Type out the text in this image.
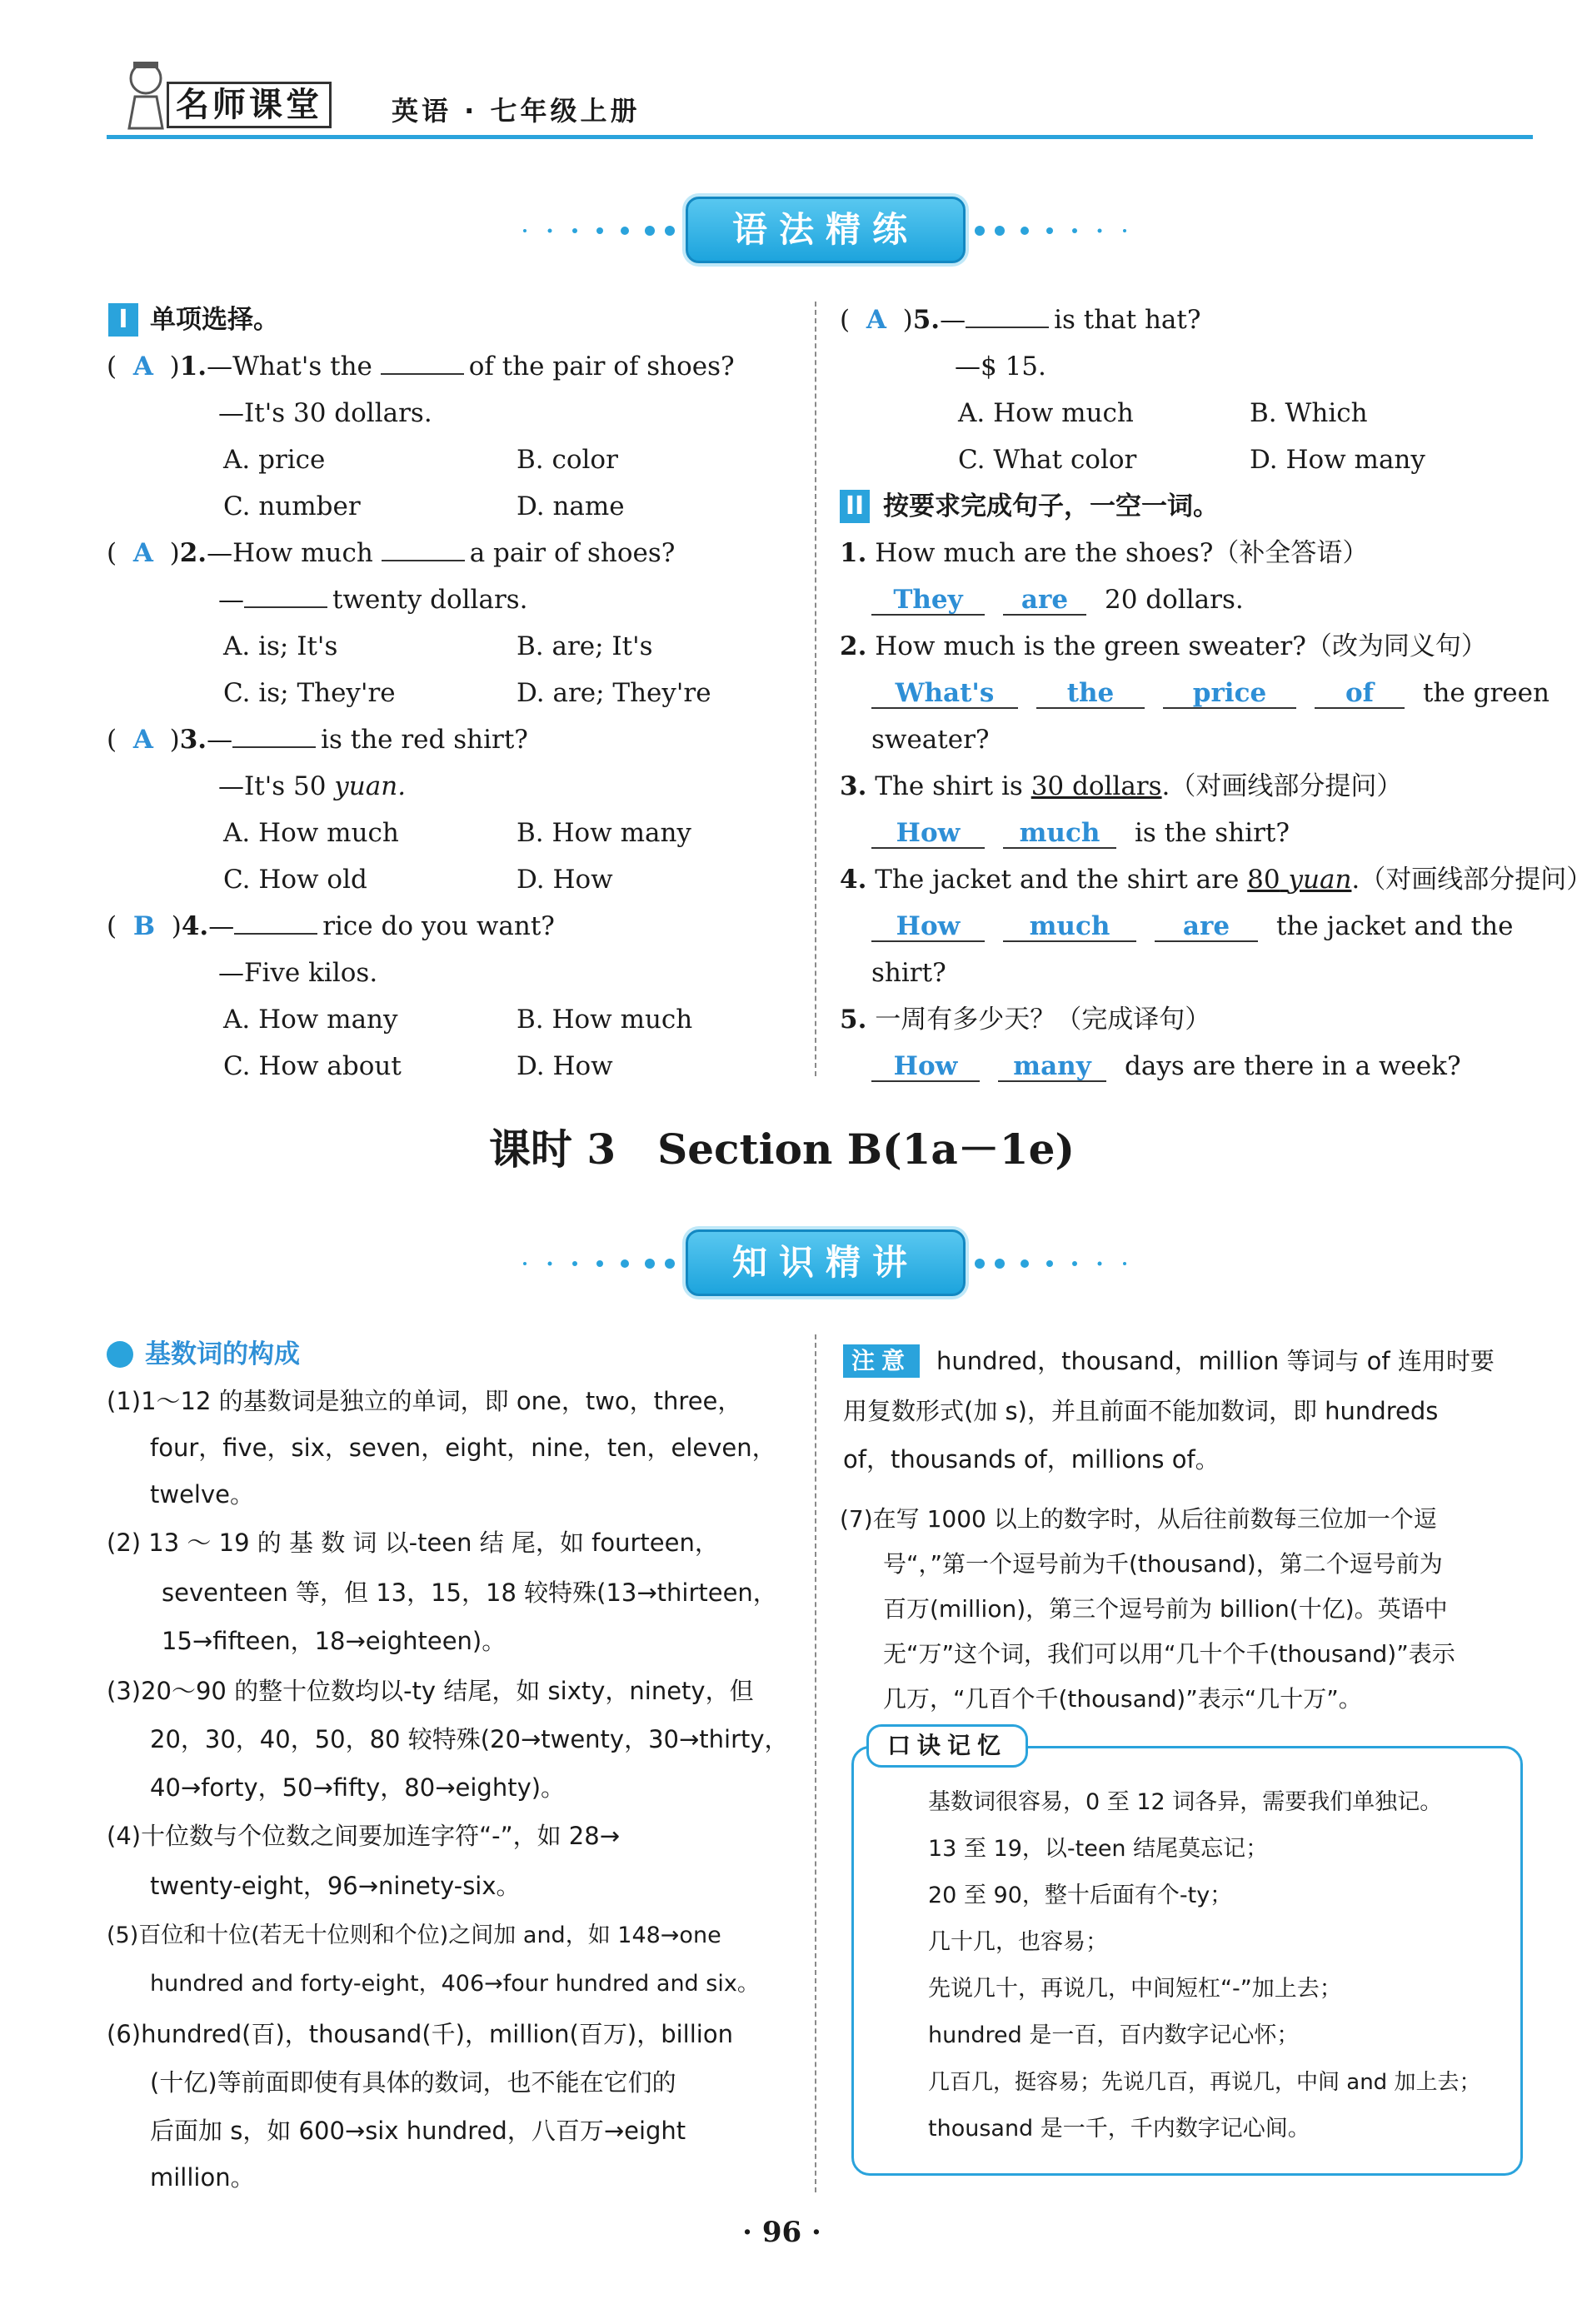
名师课堂	英语 · 七年级上册
语法精练
I 单项选择。
(  A  )1.—What's the	of the pair of shoes?
—It's 30 dollars.
A. price	B. color
C. number	D. name
(  A  )2.—How much	a pair of shoes?
—	twenty dollars.
A. is; It's	B. are; It's
C. is; They're	D. are; They're
(  A  )3.—	is the red shirt?
—It's 50 yuan.
A. How much	B. How many
C. How old	D. How
(  B  )4.—	rice do you want?
—Five kilos.
A. How many	B. How much
C. How about	D. How
(  A  )5.—	is that hat?
—$ 15.
A. How much	B. Which
C. What color	D. How many
II 按要求完成句子，一空一词。
1. How much are the shoes?（补全答语）
They are 20 dollars.
2. How much is the green sweater?（改为同义句）
What's	the	price	of the green
sweater?
3. The shirt is 30 dollars.（对画线部分提问）
How much is the shirt?
4. The jacket and the shirt are 80 yuan.（对画线部分提问）
How	much	are the jacket and the
shirt?
5. 一周有多少天？（完成译句）
How many days are there in a week?
课时 3　Section B(1a－1e)
知识精讲
基数词的构成
(1)1～12 的基数词是独立的单词，即 one，two，three，
four，five，six，seven，eight，nine，ten，eleven，
twelve。
(2) 13 ～ 19 的 基 数 词 以-teen 结 尾，如 fourteen，
seventeen 等，但 13，15，18 较特殊(13→thirteen，
15→fifteen，18→eighteen)。
(3)20～90 的整十位数均以-ty 结尾，如 sixty，ninety，但
20，30，40，50，80 较特殊(20→twenty，30→thirty，
40→forty，50→fifty，80→eighty)。
(4)十位数与个位数之间要加连字符“-”，如 28→
twenty-eight，96→ninety-six。
(5)百位和十位(若无十位则和个位)之间加 and，如 148→one
hundred and forty-eight，406→four hundred and six。
(6)hundred(百)，thousand(千)，million(百万)，billion
(十亿)等前面即使有具体的数词，也不能在它们的
后面加 s，如 600→six hundred，八百万→eight
million。
注意	hundred，thousand，million 等词与 of 连用时要
用复数形式(加 s)，并且前面不能加数词，即 hundreds
of，thousands of，millions of。
(7)在写 1000 以上的数字时，从后往前数每三位加一个逗
号“，”第一个逗号前为千(thousand)，第二个逗号前为
百万(million)，第三个逗号前为 billion(十亿)。英语中
无“万”这个词，我们可以用“几十个千(thousand)”表示
几万，“几百个千(thousand)”表示“几十万”。
口诀记忆
基数词很容易，0 至 12 词各异，需要我们单独记。
13 至 19，以-teen 结尾莫忘记；
20 至 90，整十后面有个-ty；
几十几，也容易；
先说几十，再说几，中间短杠“-”加上去；
hundred 是一百，百内数字记心怀；
几百几，挺容易；先说几百，再说几，中间 and 加上去；
thousand 是一千，千内数字记心间。
· 96 ·
